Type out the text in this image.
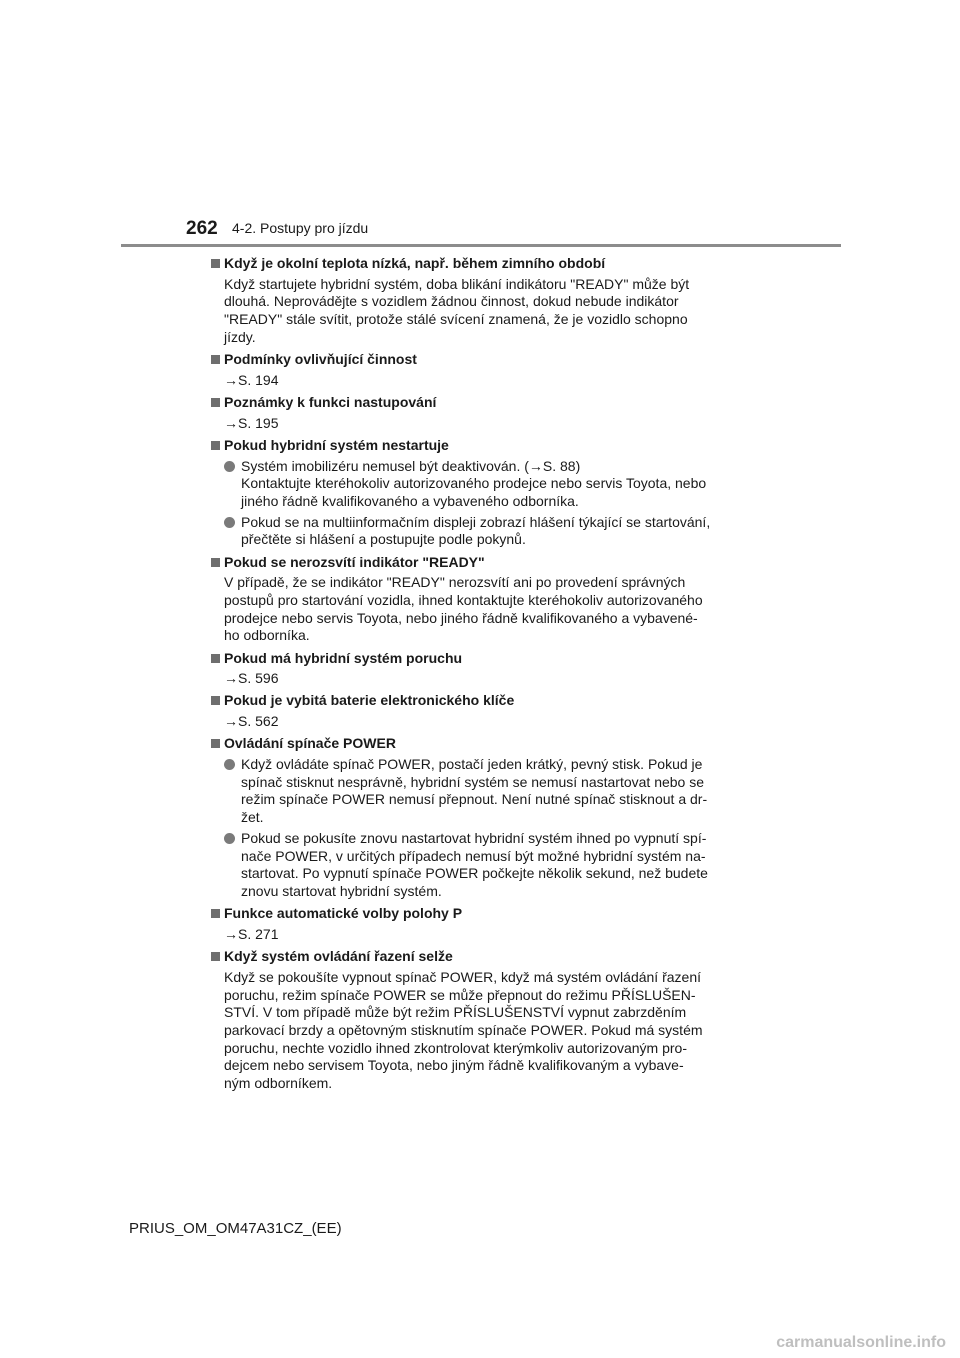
262 4-2. Postupy pro jízdu
Když je okolní teplota nízká, např. během zimního období
Když startujete hybridní systém, doba blikání indikátoru "READY" může být
dlouhá. Neprovádějte s vozidlem žádnou činnost, dokud nebude indikátor
"READY" stále svítit, protože stálé svícení znamená, že je vozidlo schopno
jízdy.
Podmínky ovlivňující činnost
→S. 194
Poznámky k funkci nastupování
→S. 195
Pokud hybridní systém nestartuje
Systém imobilizéru nemusel být deaktivován. (→S. 88)
Kontaktujte kteréhokoliv autorizovaného prodejce nebo servis Toyota, nebo
jiného řádně kvalifikovaného a vybaveného odborníka.
Pokud se na multiinformačním displeji zobrazí hlášení týkající se startování,
přečtěte si hlášení a postupujte podle pokynů.
Pokud se nerozsvítí indikátor "READY"
V případě, že se indikátor "READY" nerozsvítí ani po provedení správných
postupů pro startování vozidla, ihned kontaktujte kteréhokoliv autorizovaného
prodejce nebo servis Toyota, nebo jiného řádně kvalifikovaného a vybavené-
ho odborníka.
Pokud má hybridní systém poruchu
→S. 596
Pokud je vybitá baterie elektronického klíče
→S. 562
Ovládání spínače POWER
Když ovládáte spínač POWER, postačí jeden krátký, pevný stisk. Pokud je
spínač stisknut nesprávně, hybridní systém se nemusí nastartovat nebo se
režim spínače POWER nemusí přepnout. Není nutné spínač stisknout a dr-
žet.
Pokud se pokusíte znovu nastartovat hybridní systém ihned po vypnutí spí-
nače POWER, v určitých případech nemusí být možné hybridní systém na-
startovat. Po vypnutí spínače POWER počkejte několik sekund, než budete
znovu startovat hybridní systém.
Funkce automatické volby polohy P
→S. 271
Když systém ovládání řazení selže
Když se pokoušíte vypnout spínač POWER, když má systém ovládání řazení
poruchu, režim spínače POWER se může přepnout do režimu PŘÍSLUŠEN-
STVÍ. V tom případě může být režim PŘÍSLUŠENSTVÍ vypnut zabrzděním
parkovací brzdy a opětovným stisknutím spínače POWER. Pokud má systém
poruchu, nechte vozidlo ihned zkontrolovat kterýmkoliv autorizovaným pro-
dejcem nebo servisem Toyota, nebo jiným řádně kvalifikovaným a vybave-
ným odborníkem.
PRIUS_OM_OM47A31CZ_(EE)
carmanualsonline.info
